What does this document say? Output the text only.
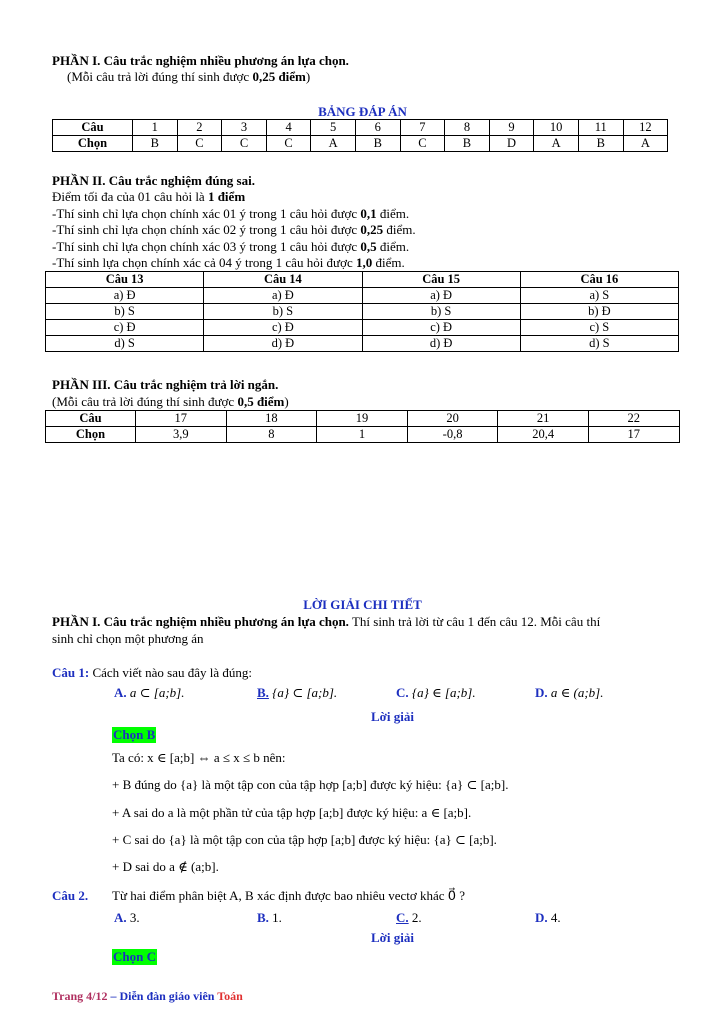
PHẦN I. Câu trắc nghiệm nhiều phương án lựa chọn.
(Mỗi câu trả lời đúng thí sinh được 0,25 điểm)
BẢNG ĐÁP ÁN
Câu	1	2	3	4	5	6	7	8	9	10	11	12
Chọn	B	C	C	C	A	B	C	B	D	A	B	A
PHẦN II. Câu trắc nghiệm đúng sai.
Điểm tối đa của 01 câu hỏi là 1 điểm
-Thí sinh chỉ lựa chọn chính xác 01 ý trong 1 câu hỏi được 0,1 điểm.
-Thí sinh chỉ lựa chọn chính xác 02 ý trong 1 câu hỏi được 0,25 điểm.
-Thí sinh chỉ lựa chọn chính xác 03 ý trong 1 câu hỏi được 0,5 điểm.
-Thí sinh lựa chọn chính xác cả 04 ý trong 1 câu hỏi được 1,0 điểm.
Câu 13	Câu 14	Câu 15	Câu 16
a) Đ	a) Đ	a) Đ	a) S
b) S	b) S	b) S	b) Đ
c) Đ	c) Đ	c) Đ	c) S
d) S	d) Đ	d) Đ	d) S
PHẦN III. Câu trắc nghiệm trả lời ngắn.
(Mỗi câu trả lời đúng thí sinh được 0,5 điểm)
Câu	17	18	19	20	21	22
Chọn	3,9	8	1	-0,8	20,4	17
LỜI GIẢI CHI TIẾT
PHẦN I. Câu trắc nghiệm nhiều phương án lựa chọn. Thí sinh trả lời từ câu 1 đến câu 12. Mỗi câu thí
sinh chỉ chọn một phương án
Câu 1: Cách viết nào sau đây là đúng:
A. a ⊂ [a;b].	B. {a} ⊂ [a;b].	C. {a} ∈ [a;b].	D. a ∈ (a;b].
Lời giải
Chọn B
Ta có: x ∈ [a;b] ⇔ a ≤ x ≤ b nên:
+ B đúng do {a} là một tập con của tập hợp [a;b] được ký hiệu: {a} ⊂ [a;b].
+ A sai do a là một phần tử của tập hợp [a;b] được ký hiệu: a ∈ [a;b].
+ C sai do {a} là một tập con của tập hợp [a;b] được ký hiệu: {a} ⊂ [a;b].
+ D sai do a ∉ (a;b].
Câu 2. Từ hai điểm phân biệt A, B xác định được bao nhiêu vectơ khác 0⃗ ?
A. 3.	B. 1.	C. 2.	D. 4.
Lời giải
Chọn C
Trang 4/12 – Diễn đàn giáo viên Toán
